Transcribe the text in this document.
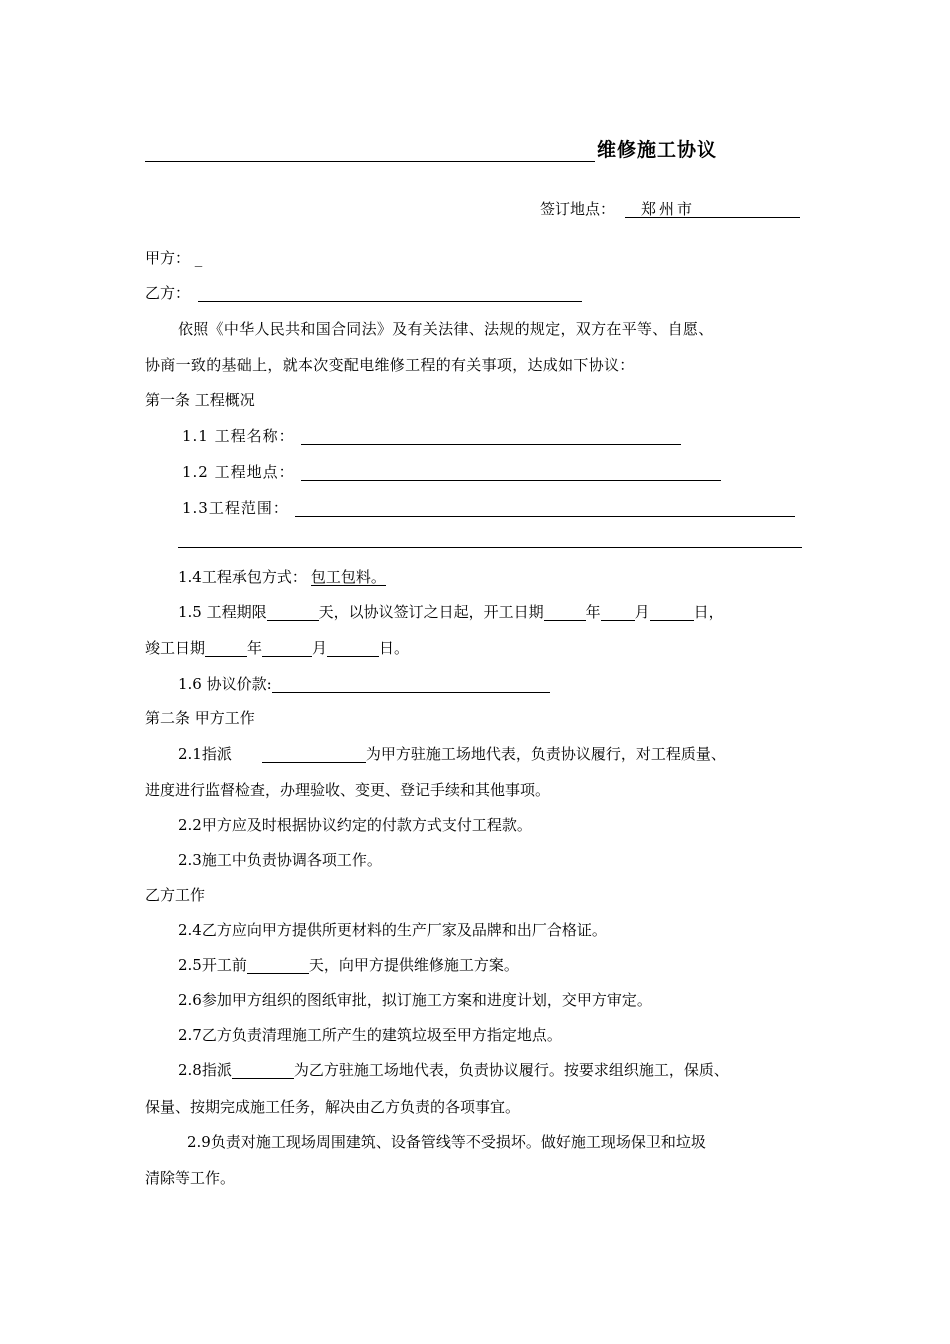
维修施工协议
签订地点： 郑州市
甲方： _
乙方：
依照《中华人民共和国合同法》及有关法律、法规的规定，双方在平等、自愿、
协商一致的基础上，就本次变配电维修工程的有关事项，达成如下协议：
第一条 工程概况
1.1 工程名称：
1.2 工程地点：
1.3工程范围：
1.4工程承包方式： 包工包料。
1.5 工程期限	天，以协议签订之日起，开工日期	年 月	日，
竣工日期	年	月	日。
1.6 协议价款:
第二条 甲方工作
2.1指派	为甲方驻施工场地代表，负责协议履行，对工程质量、
进度进行监督检查，办理验收、变更、登记手续和其他事项。
2.2甲方应及时根据协议约定的付款方式支付工程款。
2.3施工中负责协调各项工作。
乙方工作
2.4乙方应向甲方提供所更材料的生产厂家及品牌和出厂合格证。
2.5开工前	天，向甲方提供维修施工方案。
2.6参加甲方组织的图纸审批，拟订施工方案和进度计划，交甲方审定。
2.7乙方负责清理施工所产生的建筑垃圾至甲方指定地点。
2.8指派	为乙方驻施工场地代表，负责协议履行。按要求组织施工，保质、
保量、按期完成施工任务，解决由乙方负责的各项事宜。
2.9负责对施工现场周围建筑、设备管线等不受损坏。做好施工现场保卫和垃圾
清除等工作。
